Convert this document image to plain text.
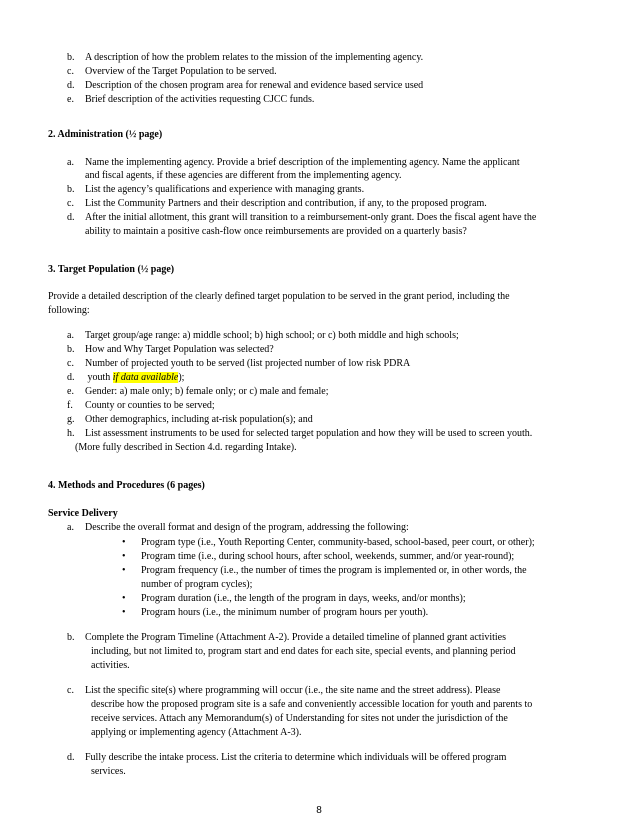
b. A description of how the problem relates to the mission of the implementing agency.
c. Overview of the Target Population to be served.
d. Description of the chosen program area for renewal and evidence based service used
e. Brief description of the activities requesting CJCC funds.
2. Administration (½ page)
a. Name the implementing agency. Provide a brief description of the implementing agency. Name the applicant
and fiscal agents, if these agencies are different from the implementing agency.
b. List the agency’s qualifications and experience with managing grants.
c. List the Community Partners and their description and contribution, if any, to the proposed program.
d. After the initial allotment, this grant will transition to a reimbursement-only grant. Does the fiscal agent have the
ability to maintain a positive cash-flow once reimbursements are provided on a quarterly basis?
3. Target Population (½ page)
Provide a detailed description of the clearly defined target population to be served in the grant period, including the
following:
a. Target group/age range: a) middle school; b) high school; or c) both middle and high schools;
b. How and Why Target Population was selected?
c. Number of projected youth to be served (list projected number of low risk PDRA
d. youth if data available);
e. Gender: a) male only; b) female only; or c) male and female;
f. County or counties to be served;
g. Other demographics, including at-risk population(s); and
h. List assessment instruments to be used for selected target population and how they will be used to screen youth.
(More fully described in Section 4.d. regarding Intake).
4. Methods and Procedures (6 pages)
Service Delivery
a. Describe the overall format and design of the program, addressing the following:
• Program type (i.e., Youth Reporting Center, community-based, school-based, peer court, or other);
• Program time (i.e., during school hours, after school, weekends, summer, and/or year-round);
• Program frequency (i.e., the number of times the program is implemented or, in other words, the
number of program cycles);
• Program duration (i.e., the length of the program in days, weeks, and/or months);
• Program hours (i.e., the minimum number of program hours per youth).
b. Complete the Program Timeline (Attachment A-2). Provide a detailed timeline of planned grant activities
including, but not limited to, program start and end dates for each site, special events, and planning period
activities.
c. List the specific site(s) where programming will occur (i.e., the site name and the street address). Please
describe how the proposed program site is a safe and conveniently accessible location for youth and parents to
receive services. Attach any Memorandum(s) of Understanding for sites not under the jurisdiction of the
applying or implementing agency (Attachment A-3).
d. Fully describe the intake process. List the criteria to determine which individuals will be offered program
services.
8
